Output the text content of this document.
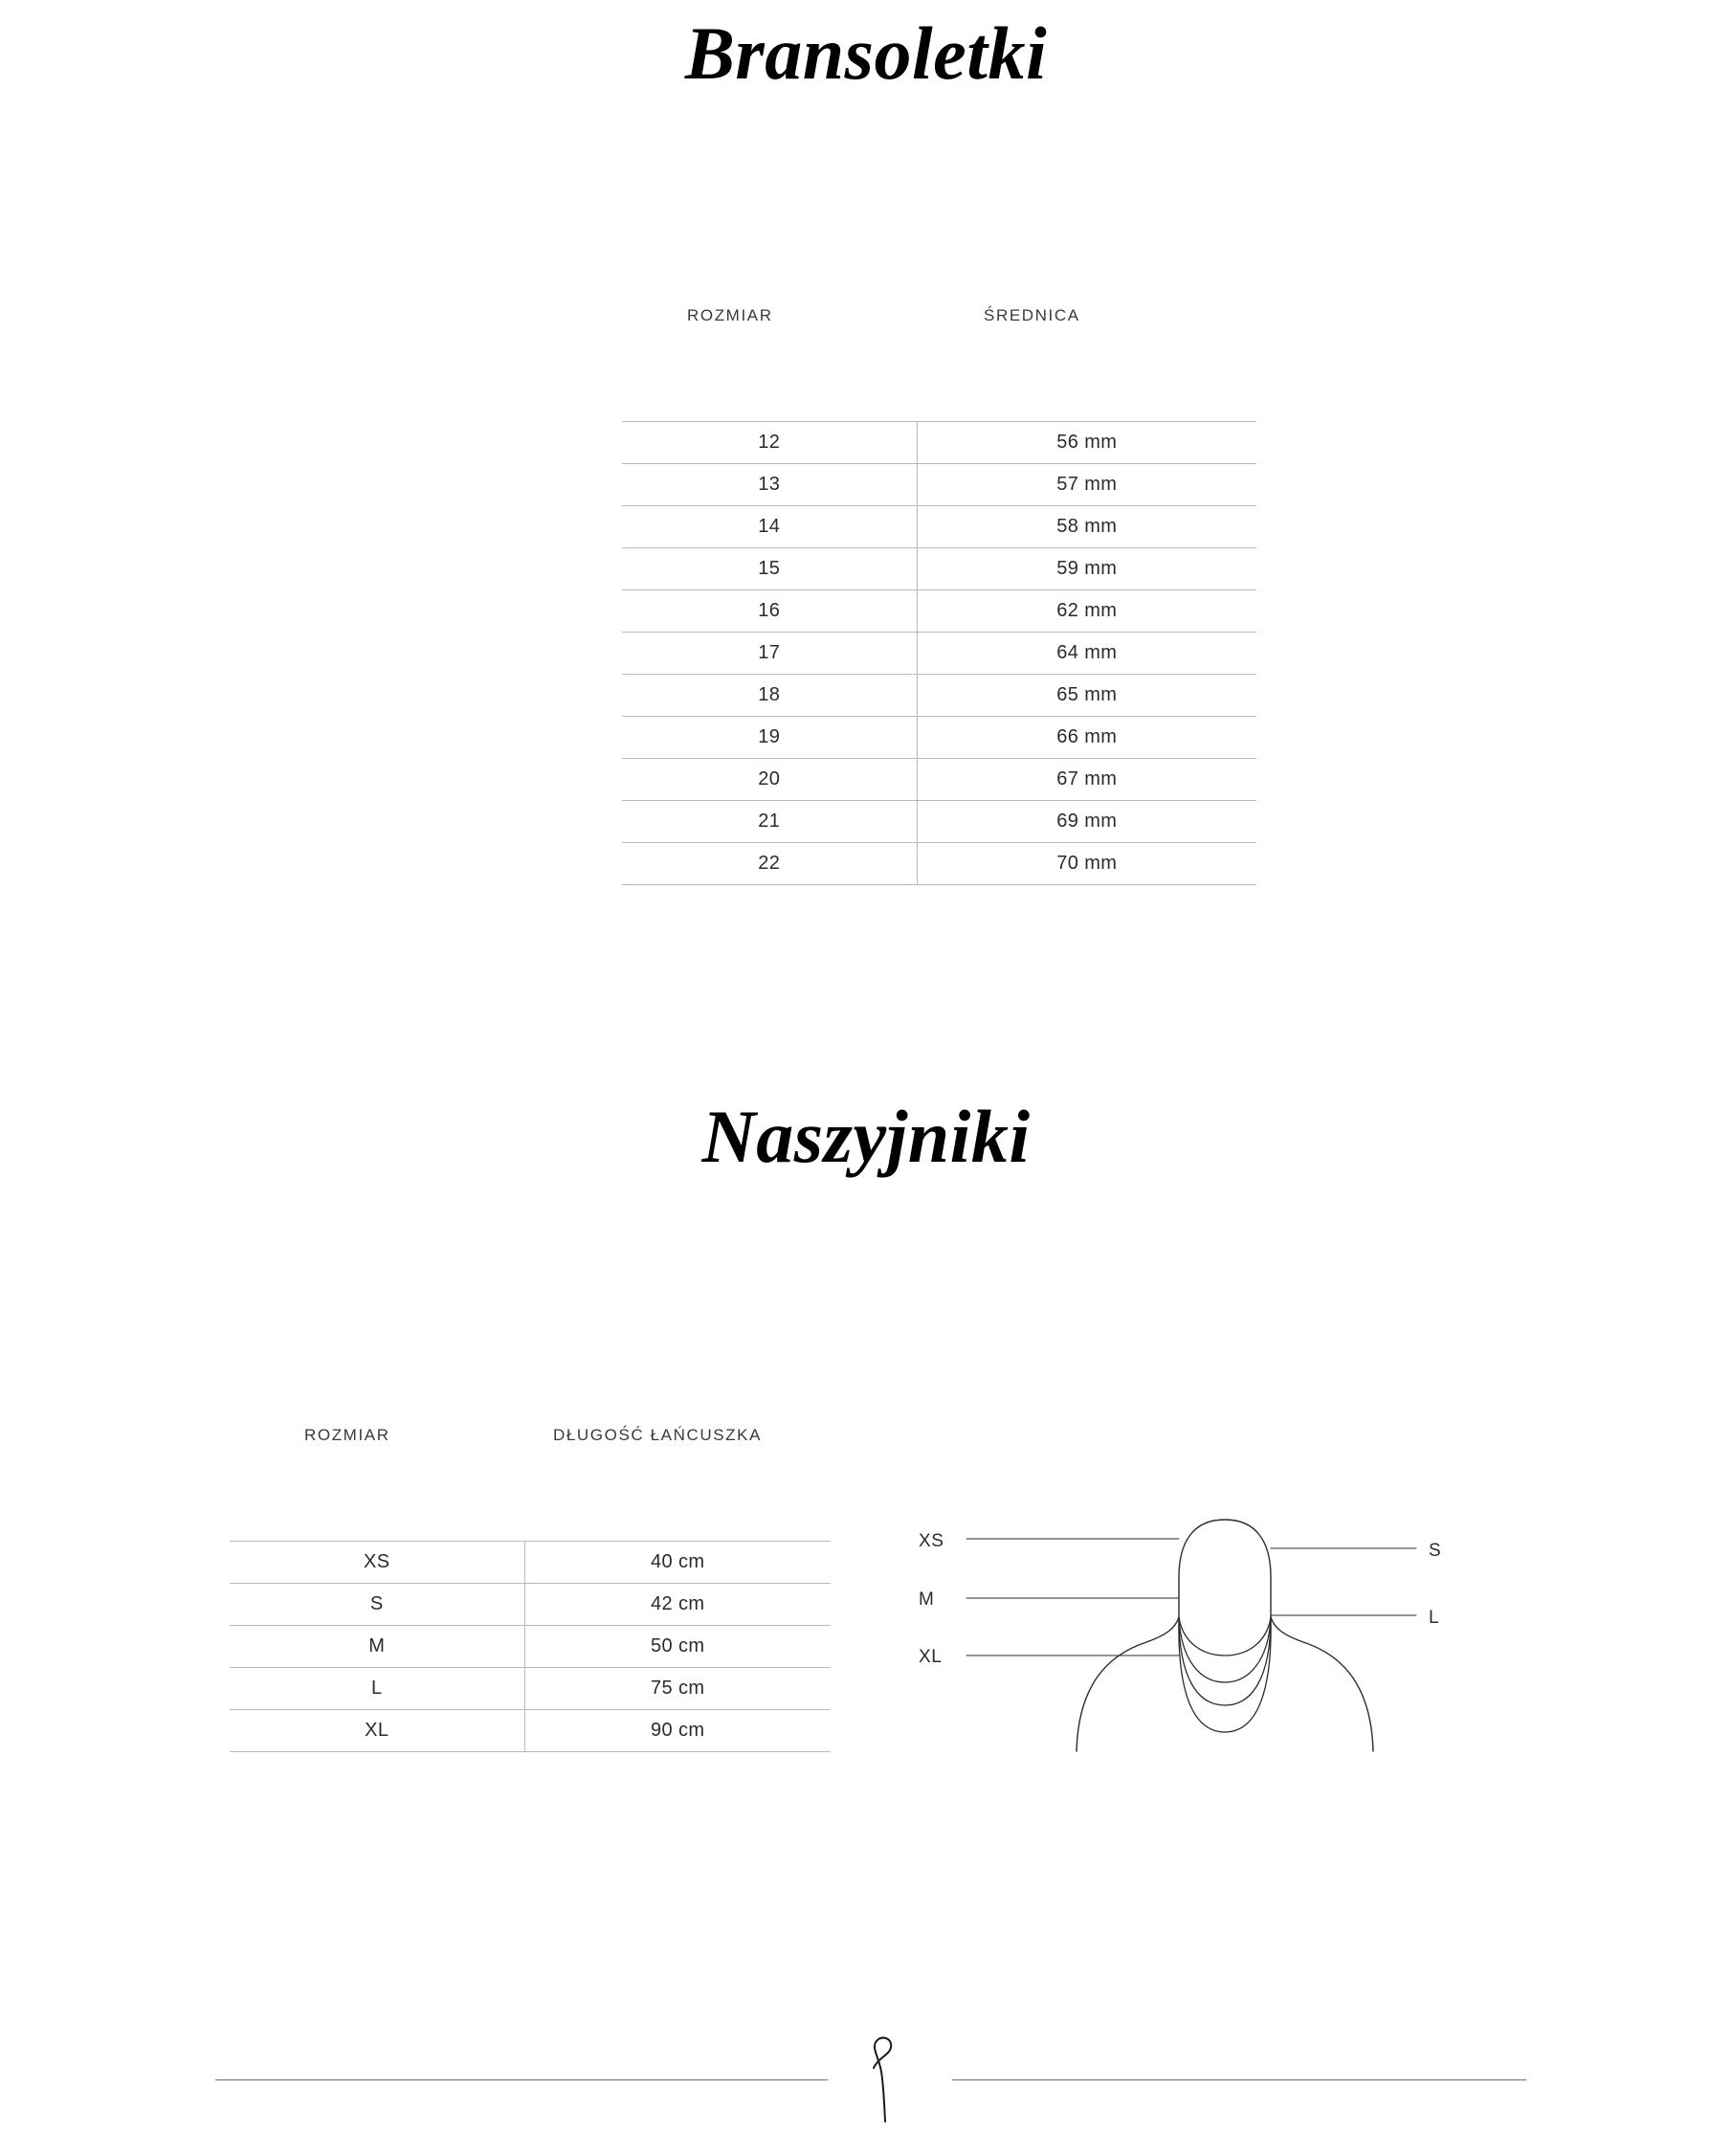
Bransoletki
ROZMIAR	ŚREDNICA

12	56 mm
13	57 mm
14	58 mm
15	59 mm
16	62 mm
17	64 mm
18	65 mm
19	66 mm
20	67 mm
21	69 mm
22	70 mm
Naszyjniki
ROZMIAR	DŁUGOŚĆ ŁAŃCUSZKA

XS	40 cm
S	42 cm
M	50 cm
L	75 cm
XL	90 cm
XS
M
XL
S
L
